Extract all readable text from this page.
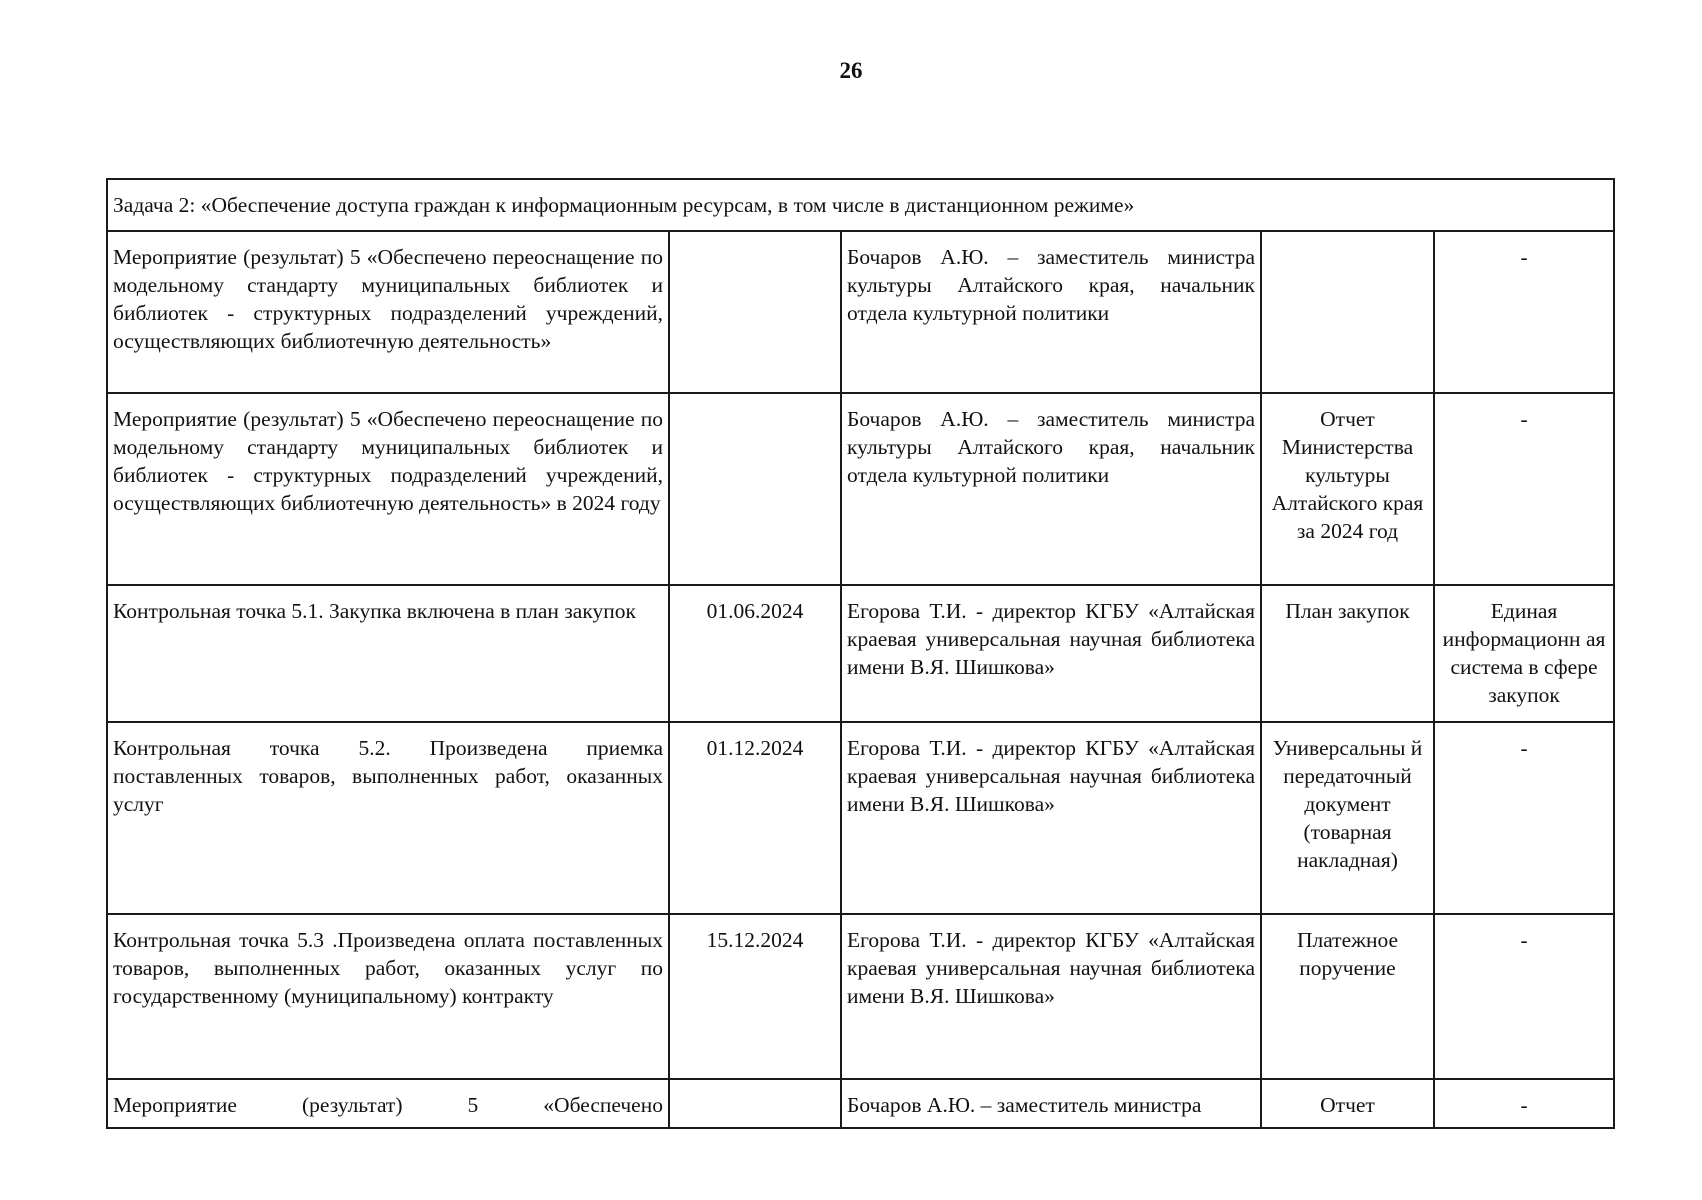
26
Задача 2: «Обеспечение доступа граждан к информационным ресурсам, в том числе в дистанционном режиме»				
Мероприятие (результат) 5 «Обеспечено переоснащение по модельному стандарту муниципальных библиотек и библиотек - структурных подразделений учреждений, осуществляющих библиотечную деятельность»		Бочаров А.Ю. – заместитель министра культуры Алтайского края, начальник отдела культурной политики		-
Мероприятие (результат) 5 «Обеспечено переоснащение по модельному стандарту муниципальных библиотек и библиотек - структурных подразделений учреждений, осуществляющих библиотечную деятельность» в 2024 году		Бочаров А.Ю. – заместитель министра культуры Алтайского края, начальник отдела культурной политики	Отчет Министерства культуры Алтайского края за 2024 год	-
Контрольная точка 5.1. Закупка включена в план закупок	01.06.2024	Егорова Т.И. - директор КГБУ «Алтайская краевая универсальная научная библиотека имени В.Я. Шишкова»	План закупок	Единая информационн ая система в сфере закупок
Контрольная точка 5.2. Произведена приемка поставленных товаров, выполненных работ, оказанных услуг	01.12.2024	Егорова Т.И. - директор КГБУ «Алтайская краевая универсальная научная библиотека имени В.Я. Шишкова»	Универсальны й передаточный документ (товарная накладная)	-
Контрольная точка 5.3 .Произведена оплата поставленных товаров, выполненных работ, оказанных услуг по государственному (муниципальному) контракту	15.12.2024	Егорова Т.И. - директор КГБУ «Алтайская краевая универсальная научная библиотека имени В.Я. Шишкова»	Платежное поручение	-
Мероприятие (результат) 5 «Обеспечено		Бочаров А.Ю. – заместитель министра	Отчет	-
